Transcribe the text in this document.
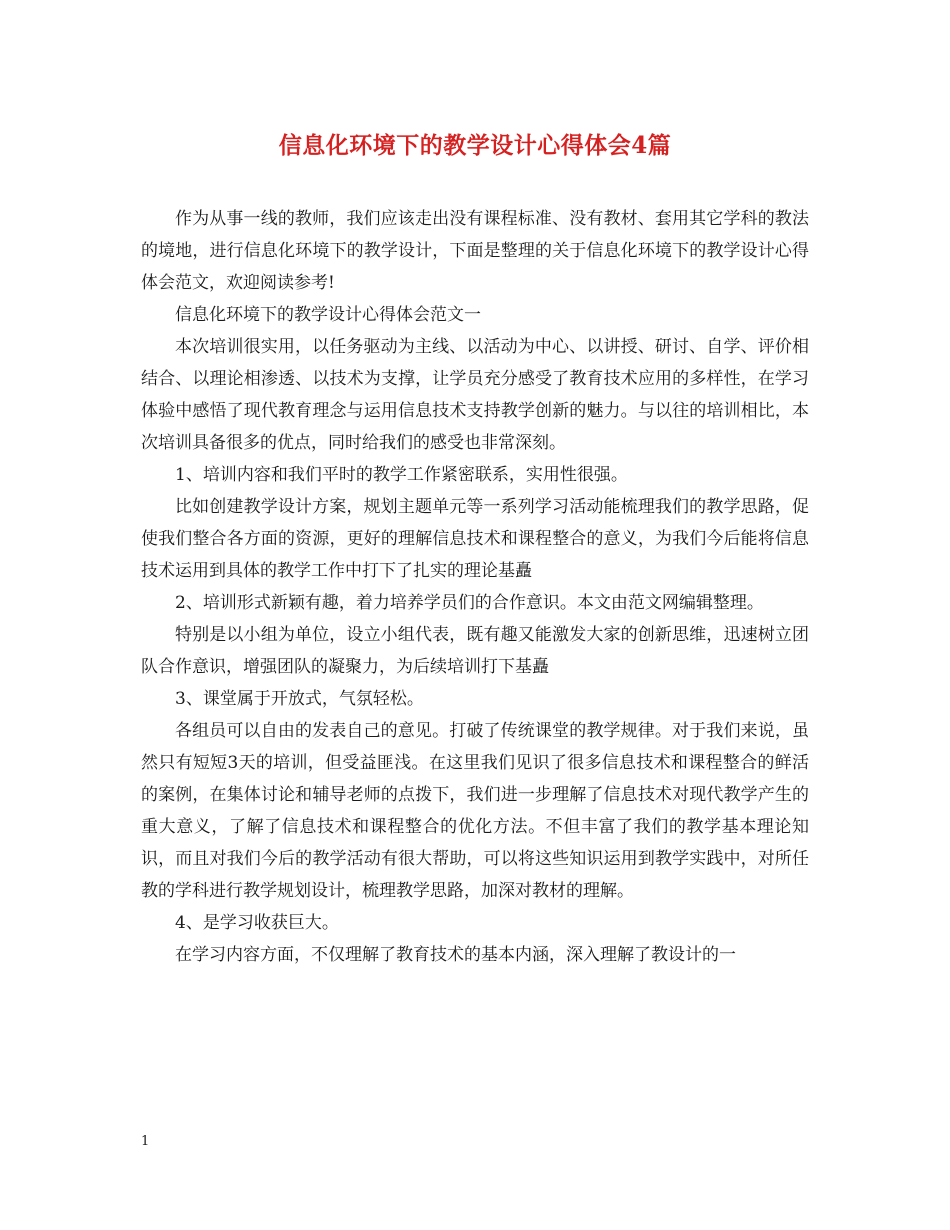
信息化环境下的教学设计心得体会4篇

作为从事一线的教师，我们应该走出没有课程标准、没有教材、套用其它学科的教法的境地，进行信息化环境下的教学设计，下面是整理的关于信息化环境下的教学设计心得体会范文，欢迎阅读参考!

信息化环境下的教学设计心得体会范文一

本次培训很实用，以任务驱动为主线、以活动为中心、以讲授、研讨、自学、评价相结合、以理论相渗透、以技术为支撑，让学员充分感受了教育技术应用的多样性，在学习体验中感悟了现代教育理念与运用信息技术支持教学创新的魅力。与以往的培训相比，本次培训具备很多的优点，同时给我们的感受也非常深刻。

1、培训内容和我们平时的教学工作紧密联系，实用性很强。

比如创建教学设计方案，规划主题单元等一系列学习活动能梳理我们的教学思路，促使我们整合各方面的资源，更好的理解信息技术和课程整合的意义，为我们今后能将信息技术运用到具体的教学工作中打下了扎实的理论基矗

2、培训形式新颖有趣，着力培养学员们的合作意识。本文由范文网编辑整理。

特别是以小组为单位，设立小组代表，既有趣又能激发大家的创新思维，迅速树立团队合作意识，增强团队的凝聚力，为后续培训打下基矗

3、课堂属于开放式，气氛轻松。

各组员可以自由的发表自己的意见。打破了传统课堂的教学规律。对于我们来说，虽然只有短短3天的培训，但受益匪浅。在这里我们见识了很多信息技术和课程整合的鲜活的案例，在集体讨论和辅导老师的点拨下，我们进一步理解了信息技术对现代教学产生的重大意义，了解了信息技术和课程整合的优化方法。不但丰富了我们的教学基本理论知识，而且对我们今后的教学活动有很大帮助，可以将这些知识运用到教学实践中，对所任教的学科进行教学规划设计，梳理教学思路，加深对教材的理解。

4、是学习收获巨大。

在学习内容方面，不仅理解了教育技术的基本内涵，深入理解了教设计的一

1
